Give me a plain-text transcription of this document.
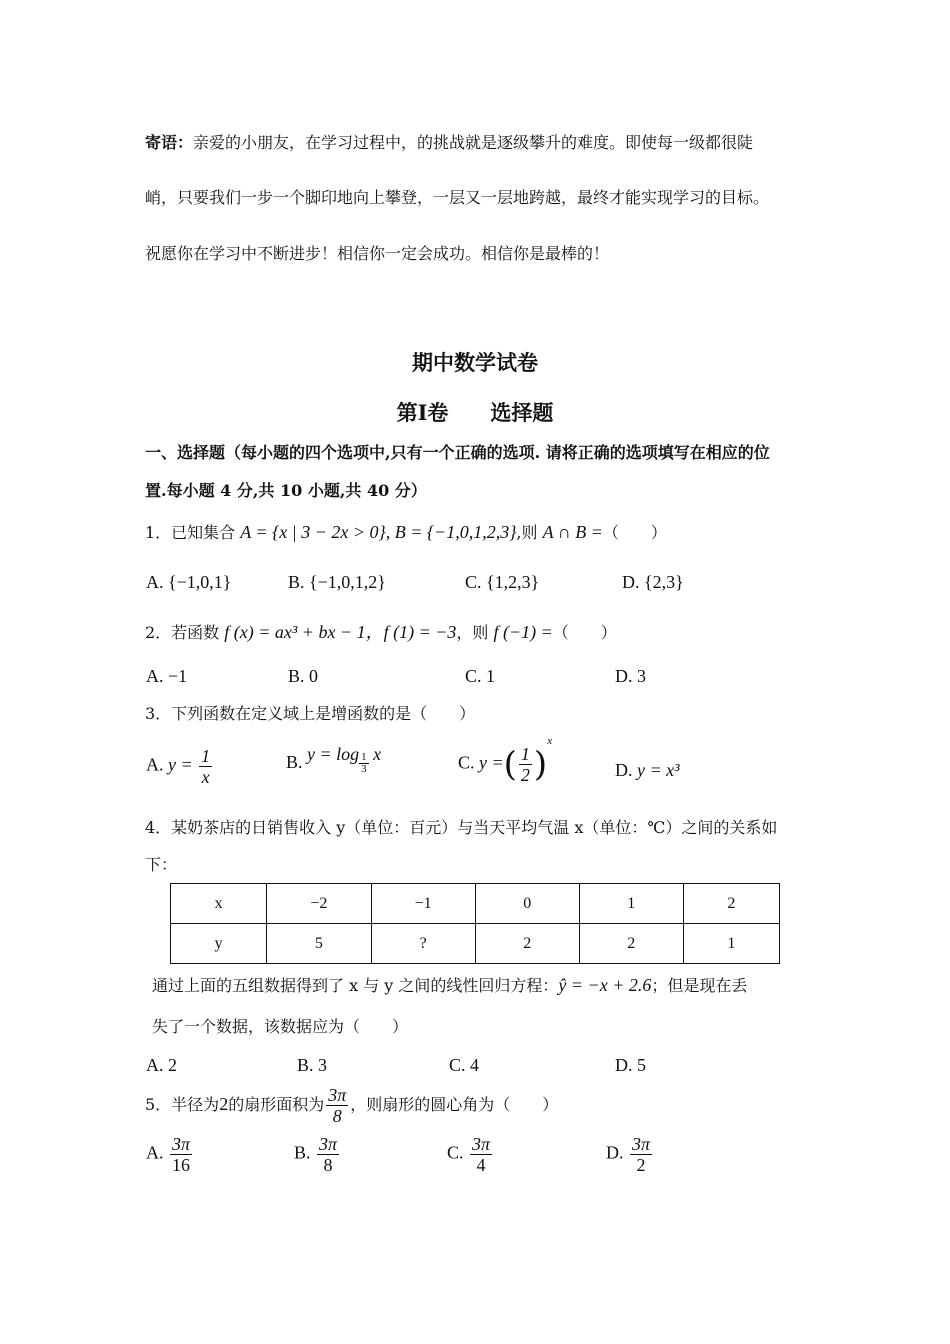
寄语：亲爱的小朋友，在学习过程中，的挑战就是逐级攀升的难度。即使每一级都很陡
峭，只要我们一步一个脚印地向上攀登，一层又一层地跨越，最终才能实现学习的目标。
祝愿你在学习中不断进步！相信你一定会成功。相信你是最棒的！
期中数学试卷
第Ⅰ卷　　选择题
一、选择题（每小题的四个选项中,只有一个正确的选项. 请将正确的选项填写在相应的位
置.每小题 4 分,共 10 小题,共 40 分）
1．已知集合 A = {x | 3 − 2x > 0}, B = {−1,0,1,2,3},则 A ∩ B =（　　）
A. {−1,0,1}	B. {−1,0,1,2}	C. {1,2,3}	D. {2,3}
2．若函数 f (x) = ax³ + bx − 1，f (1) = −3，则 f (−1) =（　　）
A. −1	B. 0	C. 1	D. 3
3．下列函数在定义域上是增函数的是（　　）
A. $y = \frac{1}{x}$	B. $y = \log \frac{1}{3}$ x	C. y =( $\frac{1}{2} )^x$
D. y = x³
4．某奶茶店的日销售收入 y（单位：百元）与当天平均气温 x（单位：℃）之间的关系如
下：
x	−2	−1	0	1	2
y	5	?	2	2	1
通过上面的五组数据得到了 x 与 y 之间的线性回归方程：ŷ = −x + 2.6；但是现在丢
失了一个数据，该数据应为（　　）
A. 2	B. 3	C. 4	D. 5
5．半径为2的扇形面积为 $\frac{3\pi}{8}$ ，则扇形的圆心角为（　　）
A. $\frac{3\pi}{16}$	B. $\frac{3\pi}{8}$	C. $\frac{3\pi}{4}$	D. $\frac{3\pi}{2}$
